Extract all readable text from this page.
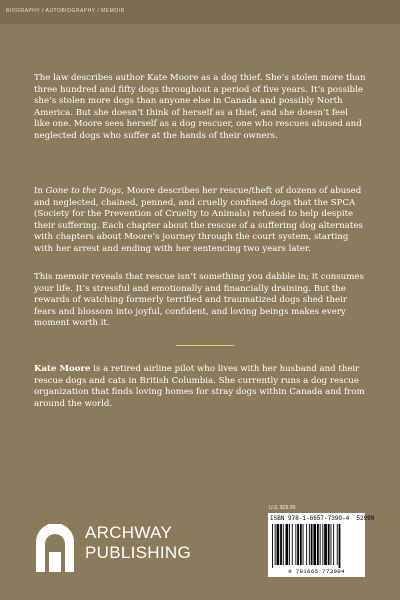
BIOGRAPHY / AUTOBIOGRAPHY / MEMOIR

The law describes author Kate Moore as a dog thief. She’s stolen more than three hundred and fifty dogs throughout a period of five years. It’s possible she’s stolen more dogs than anyone else in Canada and possibly North America. But she doesn’t think of herself as a thief, and she doesn’t feel like one. Moore sees herself as a dog rescuer, one who rescues abused and neglected dogs who suffer at the hands of their owners.

In Gone to the Dogs, Moore describes her rescue/theft of dozens of abused and neglected, chained, penned, and cruelly confined dogs that the SPCA (Society for the Prevention of Cruelty to Animals) refused to help despite their suffering. Each chapter about the rescue of a suffering dog alternates with chapters about Moore’s journey through the court system, starting with her arrest and ending with her sentencing two years later.

This memoir reveals that rescue isn’t something you dabble in; it consumes your life. It’s stressful and emotionally and financially draining. But the rewards of watching formerly terrified and traumatized dogs shed their fears and blossom into joyful, confident, and loving beings makes every moment worth it.

Kate Moore is a retired airline pilot who lives with her husband and their rescue dogs and cats in British Columbia. She currently runs a dog rescue organization that finds loving homes for stray dogs within Canada and from around the world.

U.S. $29.99
ISBN 978-1-6657-7390-4 52999
9 781665 773904
ARCHWAY
PUBLISHING
